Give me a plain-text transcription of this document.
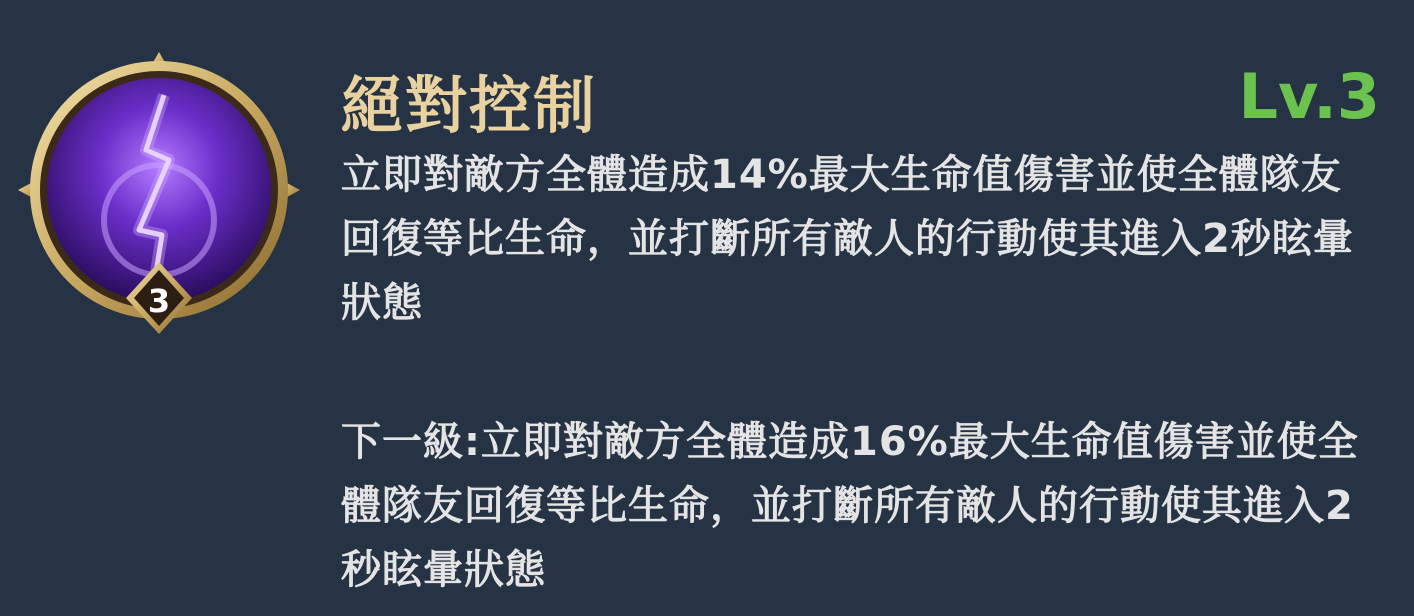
3
絕對控制	Lv.3
立即對敵方全體造成14%最大生命值傷害並使全體隊友回復等比生命，並打斷所有敵人的行動使其進入2秒眩暈狀態
下一級:立即對敵方全體造成16%最大生命值傷害並使全體隊友回復等比生命，並打斷所有敵人的行動使其進入2秒眩暈狀態
